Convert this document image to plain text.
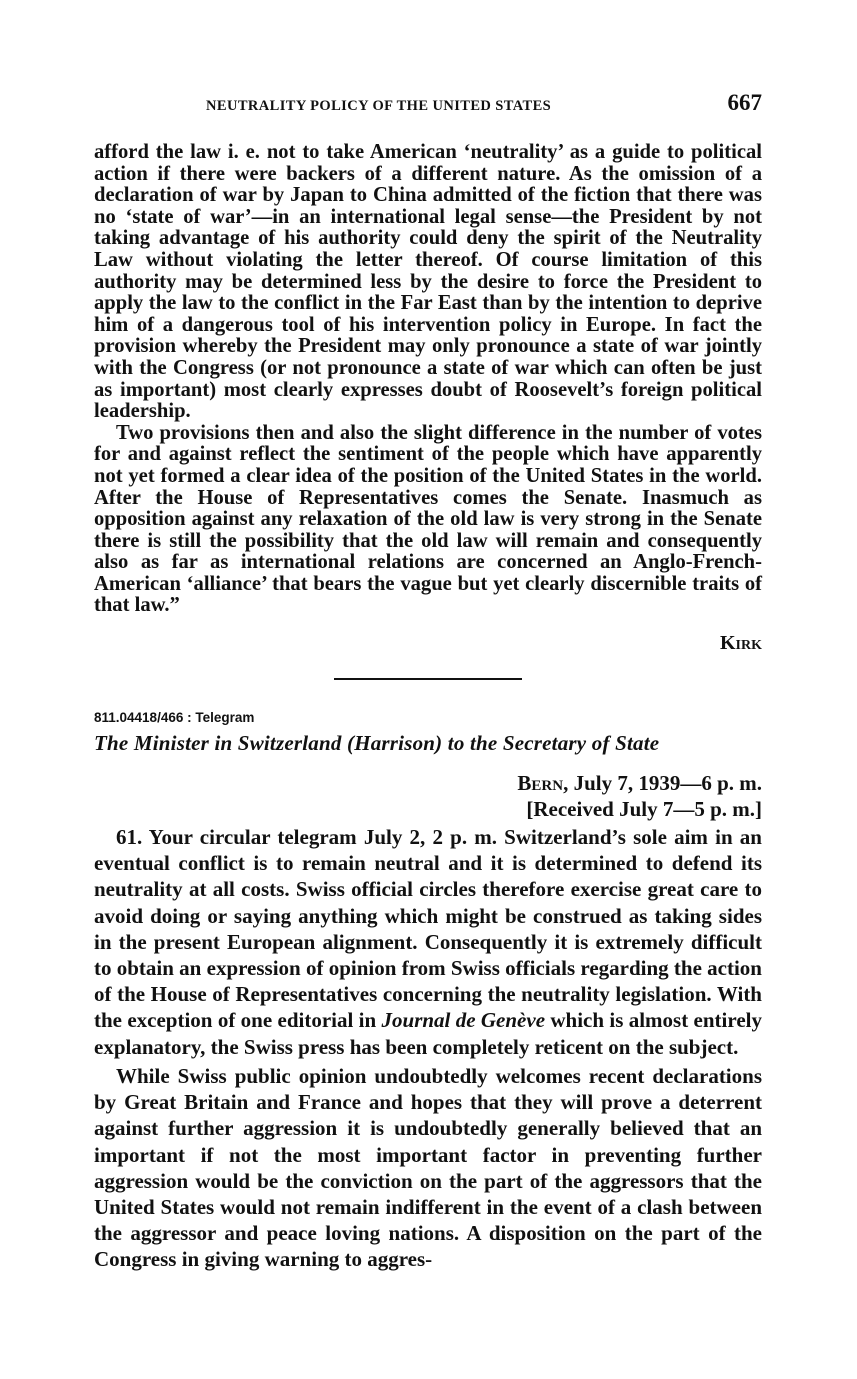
NEUTRALITY POLICY OF THE UNITED STATES	667

afford the law i. e. not to take American ‘neutrality’ as a guide to political action if there were backers of a different nature. As the omission of a declaration of war by Japan to China admitted of the fiction that there was no ‘state of war’—in an international legal sense—the President by not taking advantage of his authority could deny the spirit of the Neutrality Law without violating the letter thereof. Of course limitation of this authority may be determined less by the desire to force the President to apply the law to the conflict in the Far East than by the intention to deprive him of a dangerous tool of his intervention policy in Europe. In fact the provision whereby the President may only pronounce a state of war jointly with the Congress (or not pronounce a state of war which can often be just as important) most clearly expresses doubt of Roosevelt’s foreign political leadership.

Two provisions then and also the slight difference in the number of votes for and against reflect the sentiment of the people which have apparently not yet formed a clear idea of the position of the United States in the world. After the House of Representatives comes the Senate. Inasmuch as opposition against any relaxation of the old law is very strong in the Senate there is still the possibility that the old law will remain and consequently also as far as international relations are concerned an Anglo-French-American ‘alliance’ that bears the vague but yet clearly discernible traits of that law.”

Kirk
811.04418/466 : Telegram
The Minister in Switzerland (Harrison) to the Secretary of State
Bern, July 7, 1939—6 p. m.
[Received July 7—5 p. m.]

61. Your circular telegram July 2, 2 p. m. Switzerland’s sole aim in an eventual conflict is to remain neutral and it is determined to defend its neutrality at all costs. Swiss official circles therefore exercise great care to avoid doing or saying anything which might be construed as taking sides in the present European alignment. Consequently it is extremely difficult to obtain an expression of opinion from Swiss officials regarding the action of the House of Representatives concerning the neutrality legislation. With the exception of one editorial in Journal de Genève which is almost entirely explanatory, the Swiss press has been completely reticent on the subject.

While Swiss public opinion undoubtedly welcomes recent declarations by Great Britain and France and hopes that they will prove a deterrent against further aggression it is undoubtedly generally believed that an important if not the most important factor in preventing further aggression would be the conviction on the part of the aggressors that the United States would not remain indifferent in the event of a clash between the aggressor and peace loving nations. A disposition on the part of the Congress in giving warning to aggres-
